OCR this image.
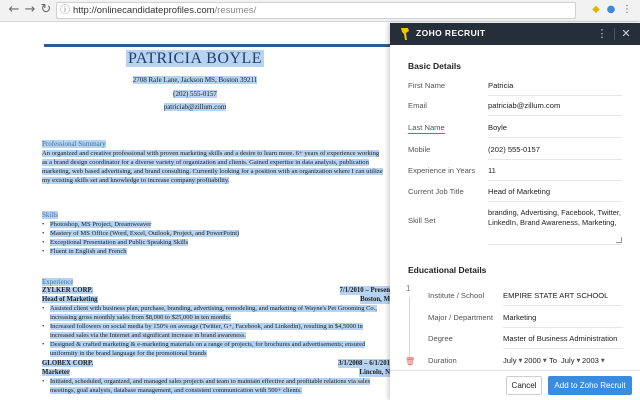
← → ↻ ⓘ http://onlinecandidateprofiles.com/resumes/	◆ ● ⋮
PATRICIA BOYLE
2708 Rafe Lane, Jackson MS, Boston 39211
(202) 555-0157
patriciab@zillum.com
Professional Summary
An organized and creative professional with proven marketing skills and a desire to learn more. 6+ years of experience working
as a brand design coordinator for a diverse variety of organization and clients. Gained expertise in data analysis, publication
marketing, web based advertising, and brand consulting. Currently looking for a position with an organization where I can utilize
my existing skills set and knowledge to increase company profitability.
Skills
• Photoshop, MS Project, Dreamweaver
• Mastery of MS Office (Word, Excel, Outlook, Project, and PowerPoint)
• Exceptional Presentation and Public Speaking Skills
• Fluent in English and French
Experience
ZYLKER CORP.	7/1/2010 – Presen
Head of Marketing	Boston, M
• Assisted client with business plan, purchase, branding, advertising, remodeling, and marketing of Wayne's Pet Grooming Co.,
increasing gross monthly sales from $8,000 to $25,000 in ten months.
• Increased followers on social media by 150% on average (Twitter, G+, Facebook, and Linkedin), resulting in $4,5000 in
increased sales via the Internet and significant increase in brand awareness.
• Designed & crafted marketing & e-marketing materials on a range of projects, for brochures and advertisements; ensured
uniformity in the brand language for the promotional brands
GLOBEX CORP.	3/1/2008 – 6/1/201
Marketer	Lincoln, N
• Initiated, scheduled, organized, and managed sales projects and team to maintain effective and profitable relations via sales
meetings, goal analysis, database management, and consistent communication with 500+ clients.
ZOHO RECRUIT	⋮ ✕
Basic Details
First Name	Patricia
Email	patriciab@zillum.com
Last Name	Boyle
Mobile	(202) 555-0157
Experience in Years 11
Current Job Title	Head of Marketing
Skill Set
branding, Advertising, Facebook, Twitter, LinkedIn, Brand Awareness, Marketing,
Educational Details
1
Institute / School EMPIRE STATE ART SCHOOL
Major / Department Marketing
Degree	Master of Business Administration
🗑 Duration	July ▼ 2000 ▼ To July ▼ 2003 ▼
Cancel	Add to Zoho Recruit
